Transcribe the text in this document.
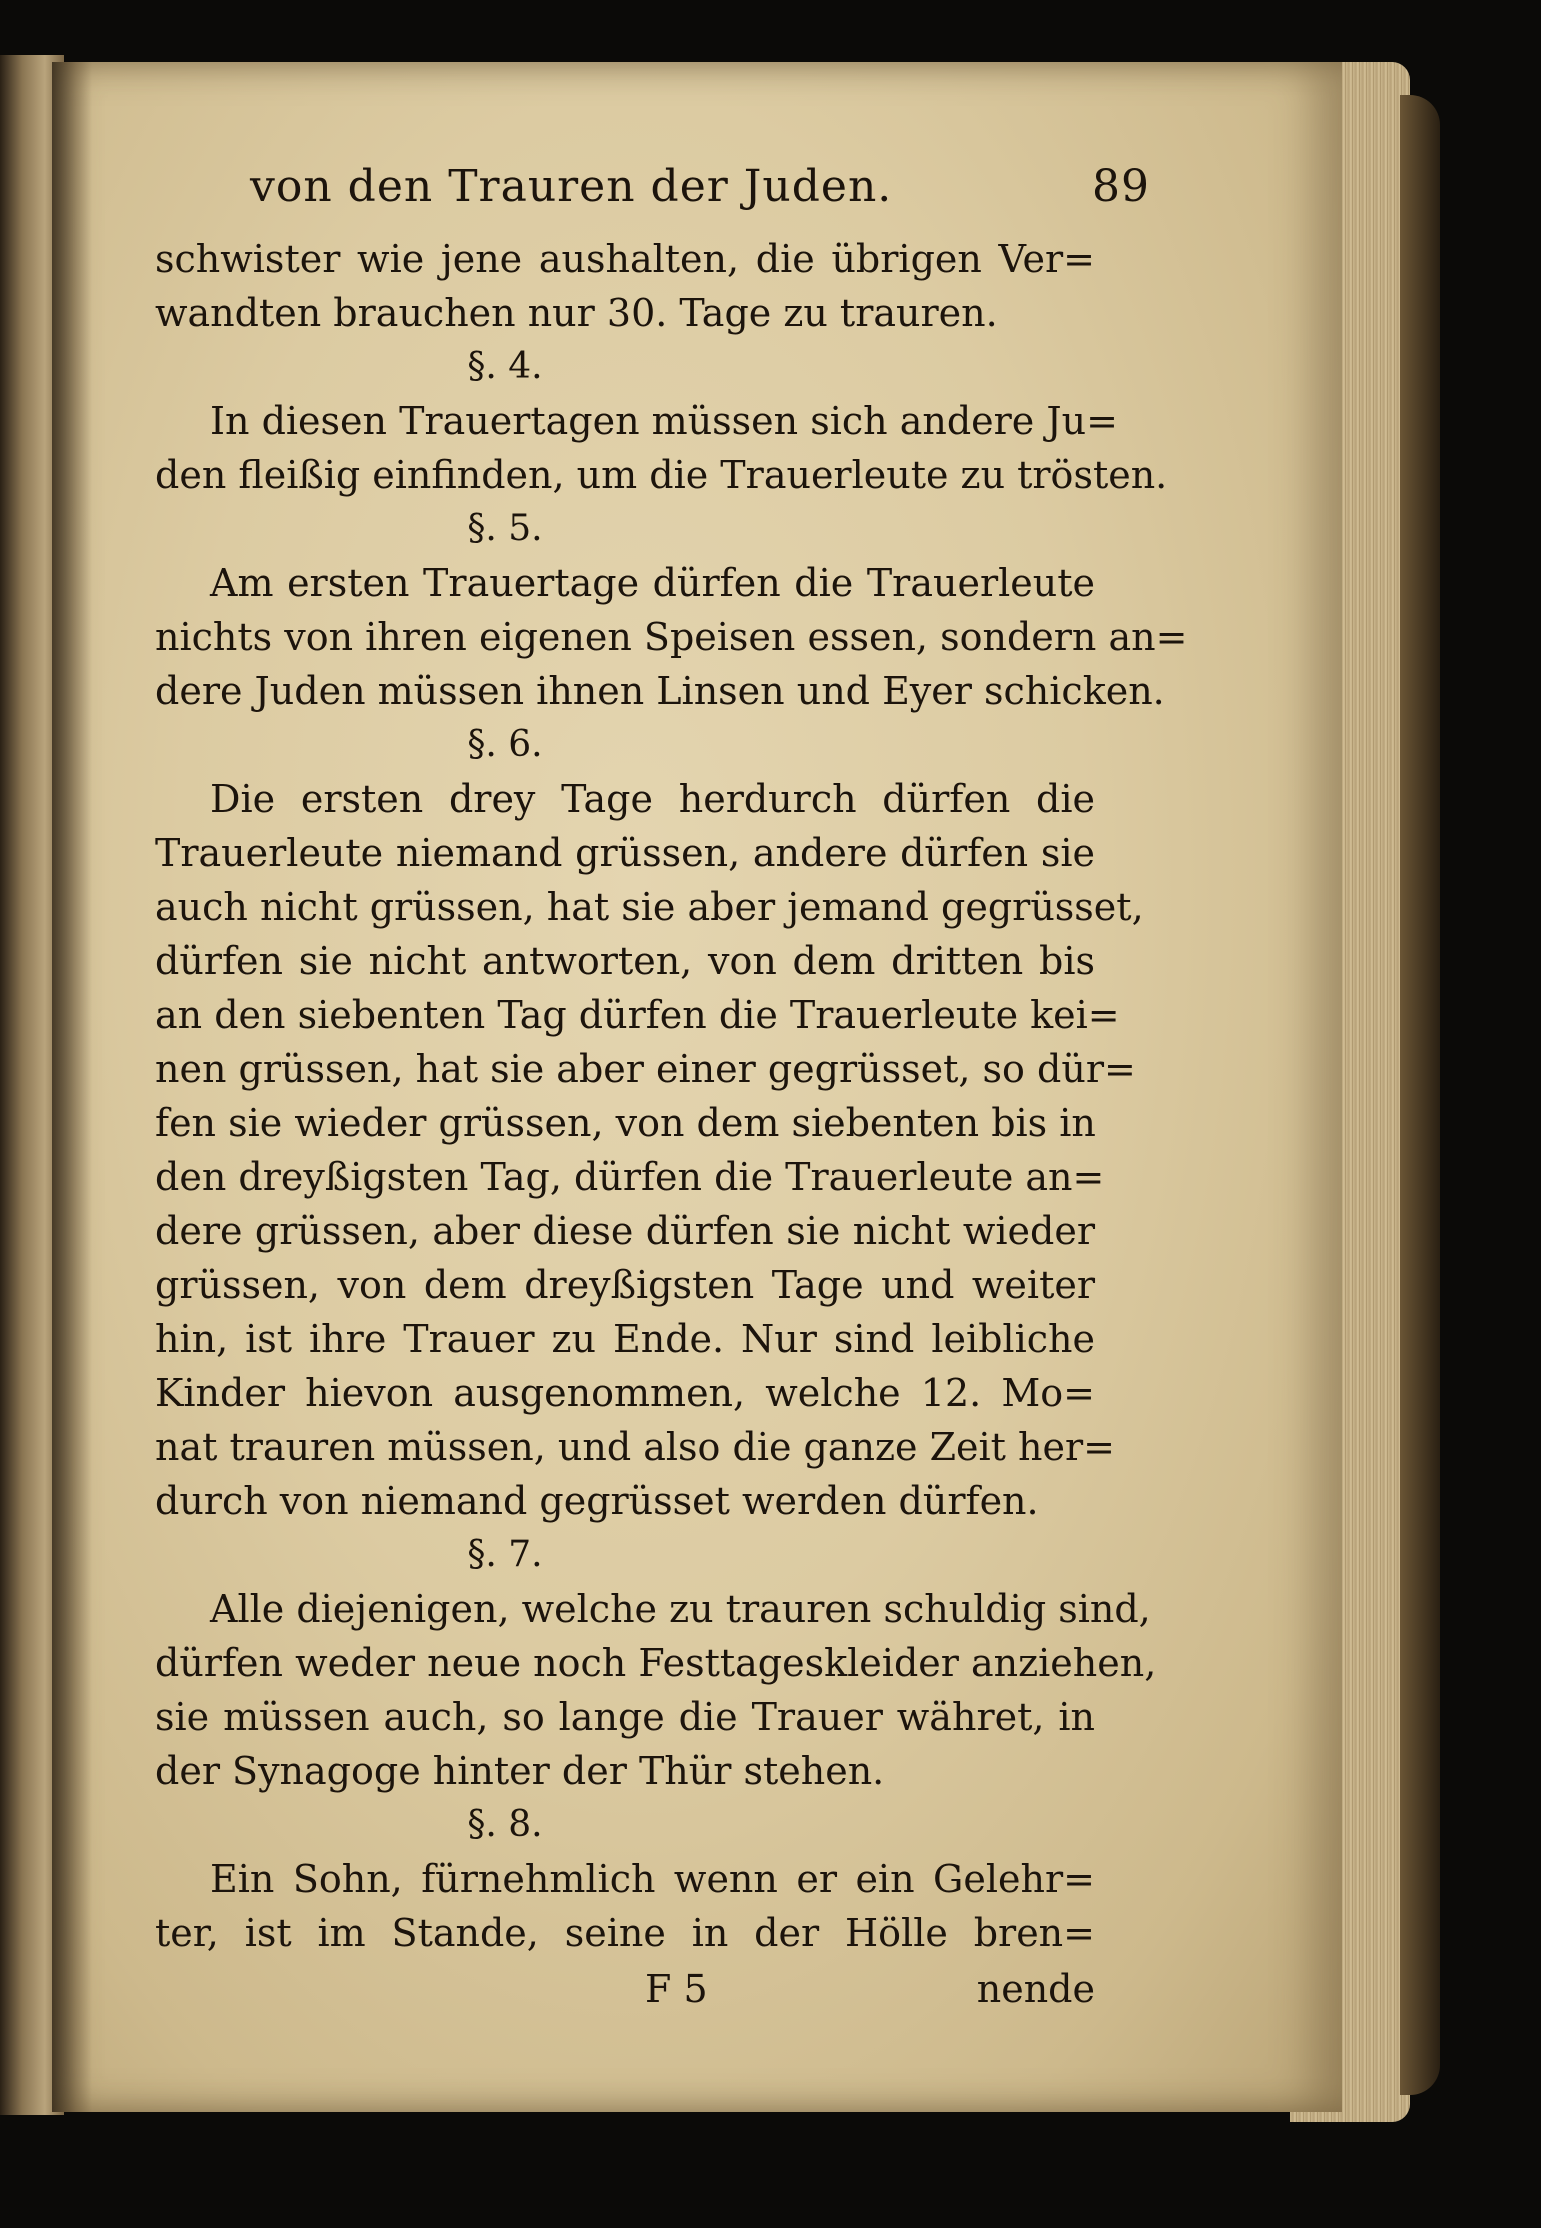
von den Trauren der Juden.	89
schwister wie jene aushalten, die übrigen Ver=
wandten brauchen nur 30. Tage zu trauren.
§. 4.
In diesen Trauertagen müssen sich andere Ju=
den fleißig einfinden, um die Trauerleute zu trösten.
§. 5.
Am ersten Trauertage dürfen die Trauerleute
nichts von ihren eigenen Speisen essen, sondern an=
dere Juden müssen ihnen Linsen und Eyer schicken.
§. 6.
Die ersten drey Tage herdurch dürfen die
Trauerleute niemand grüssen, andere dürfen sie
auch nicht grüssen, hat sie aber jemand gegrüsset,
dürfen sie nicht antworten, von dem dritten bis
an den siebenten Tag dürfen die Trauerleute kei=
nen grüssen, hat sie aber einer gegrüsset, so dür=
fen sie wieder grüssen, von dem siebenten bis in
den dreyßigsten Tag, dürfen die Trauerleute an=
dere grüssen, aber diese dürfen sie nicht wieder
grüssen, von dem dreyßigsten Tage und weiter
hin, ist ihre Trauer zu Ende. Nur sind leibliche
Kinder hievon ausgenommen, welche 12. Mo=
nat trauren müssen, und also die ganze Zeit her=
durch von niemand gegrüsset werden dürfen.
§. 7.
Alle diejenigen, welche zu trauren schuldig sind,
dürfen weder neue noch Festtageskleider anziehen,
sie müssen auch, so lange die Trauer währet, in
der Synagoge hinter der Thür stehen.
§. 8.
Ein Sohn, fürnehmlich wenn er ein Gelehr=
ter, ist im Stande, seine in der Hölle bren=
F 5	nende
